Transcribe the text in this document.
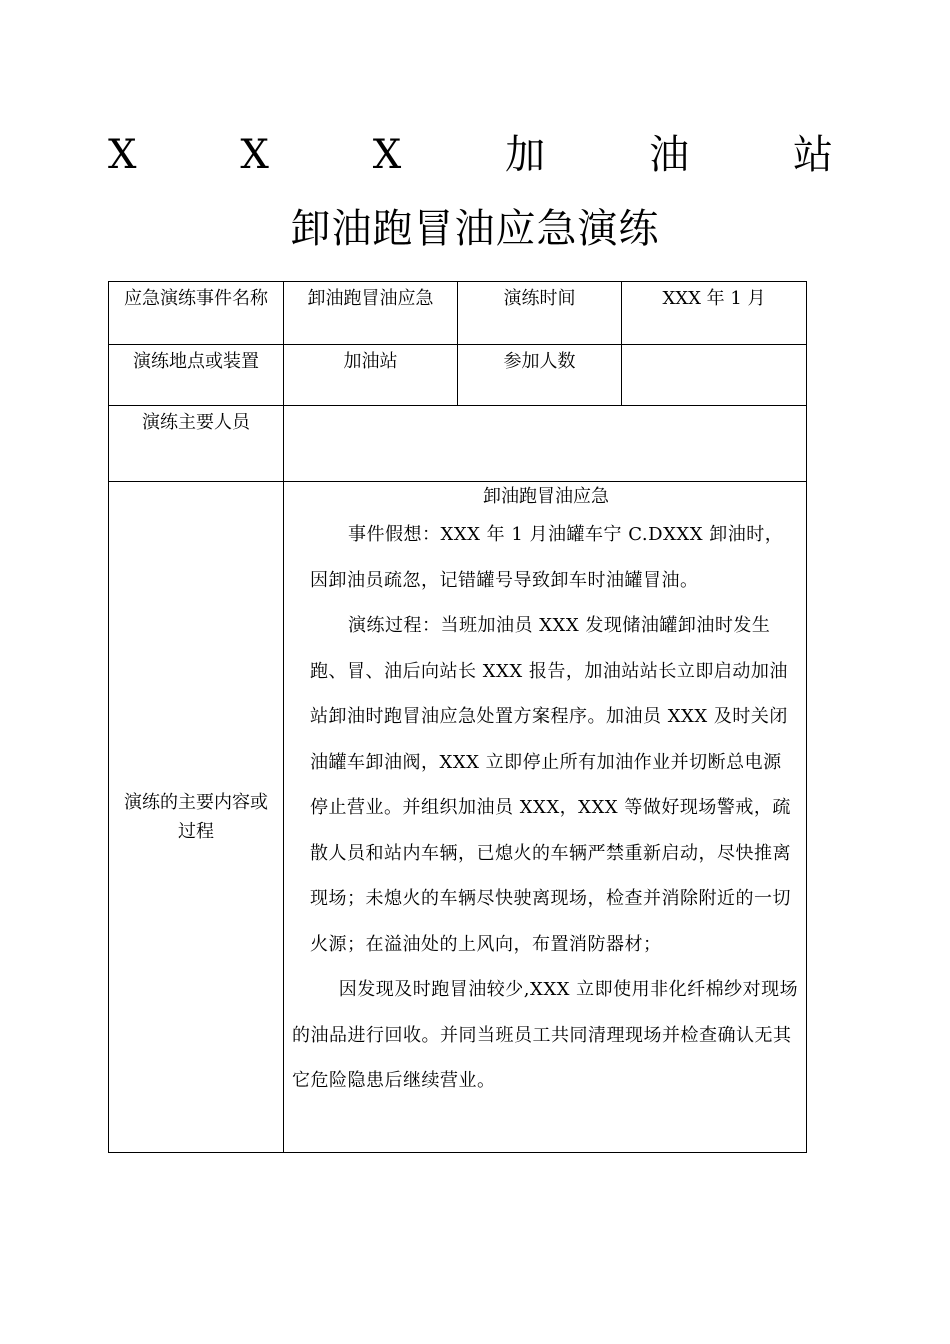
X	X	X	加	油	站
卸油跑冒油应急演练
应急演练事件名称	卸油跑冒油应急	演练时间	XXX 年 1 月
演练地点或装置	加油站	参加人数	
演练主要人员			
演练的主要内容或过程	卸油跑冒油应急
事件假想：XXX 年 1 月油罐车宁 C.DXXX 卸油时，因卸油员疏忽，记错罐号导致卸车时油罐冒油。
演练过程：当班加油员 XXX 发现储油罐卸油时发生跑、冒、油后向站长 XXX 报告，加油站站长立即启动加油站卸油时跑冒油应急处置方案程序。加油员 XXX 及时关闭油罐车卸油阀，XXX 立即停止所有加油作业并切断总电源停止营业。并组织加油员 XXX，XXX 等做好现场警戒，疏散人员和站内车辆，已熄火的车辆严禁重新启动，尽快推离现场；未熄火的车辆尽快驶离现场，检查并消除附近的一切火源；在溢油处的上风向，布置消防器材；
因发现及时跑冒油较少,XXX 立即使用非化纤棉纱对现场的油品进行回收。并同当班员工共同清理现场并检查确认无其它危险隐患后继续营业。		
